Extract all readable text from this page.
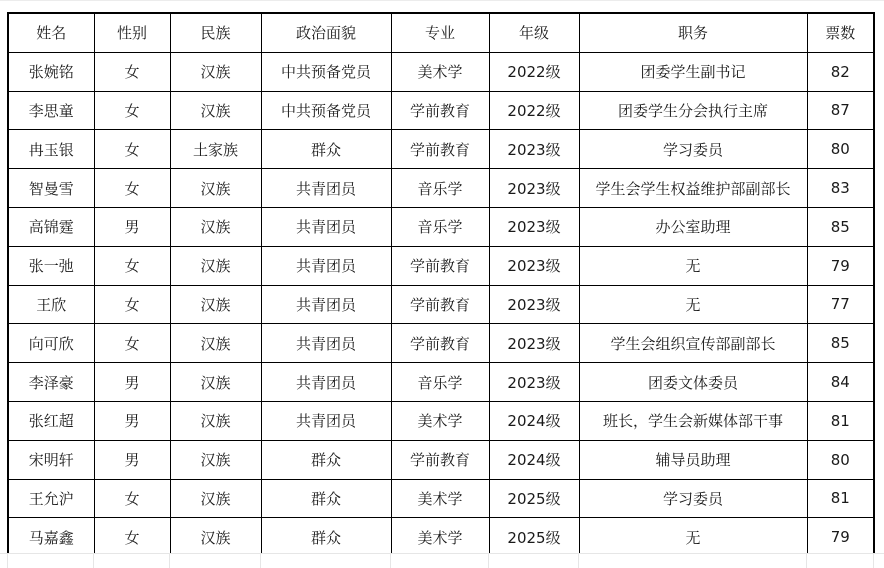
姓名	性别	民族	政治面貌	专业	年级	职务	票数
张婉铭	女	汉族	中共预备党员	美术学	2022级	团委学生副书记	82
李思童	女	汉族	中共预备党员	学前教育	2022级	团委学生分会执行主席	87
冉玉银	女	土家族	群众	学前教育	2023级	学习委员	80
智曼雪	女	汉族	共青团员	音乐学	2023级	学生会学生权益维护部副部长	83
高锦霆	男	汉族	共青团员	音乐学	2023级	办公室助理	85
张一弛	女	汉族	共青团员	学前教育	2023级	无	79
王欣	女	汉族	共青团员	学前教育	2023级	无	77
向可欣	女	汉族	共青团员	学前教育	2023级	学生会组织宣传部副部长	85
李泽豪	男	汉族	共青团员	音乐学	2023级	团委文体委员	84
张红超	男	汉族	共青团员	美术学	2024级	班长，学生会新媒体部干事	81
宋明轩	男	汉族	群众	学前教育	2024级	辅导员助理	80
王允沪	女	汉族	群众	美术学	2025级	学习委员	81
马嘉鑫	女	汉族	群众	美术学	2025级	无	79
